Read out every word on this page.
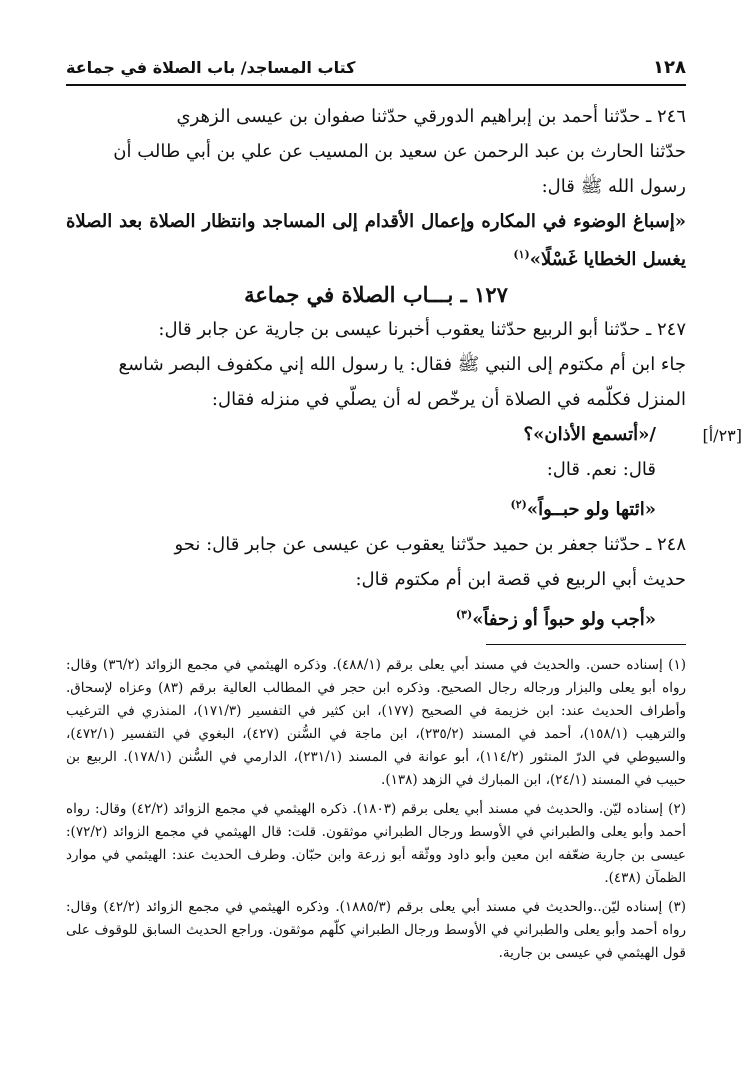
١٢٨
كتاب المساجد/ باب الصلاة في جماعة

٢٤٦ ـ حدّثنا أحمد بن إبراهيم الدورقي حدّثنا صفوان بن عيسى الزهري

حدّثنا الحارث بن عبد الرحمن عن سعيد بن المسيب عن علي بن أبي طالب أن

رسول الله ﷺ قال:

«إسباغ الوضوء في المكاره وإعمال الأقدام إلى المساجد وانتظار الصلاة بعد الصلاة يغسل الخطايا غَسْلًا»$^{(١)}$

١٢٧ ـ بـــاب الصلاة في جماعة

٢٤٧ ـ حدّثنا أبو الربيع حدّثنا يعقوب أخبرنا عيسى بن جارية عن جابر قال:

جاء ابن أم مكتوم إلى النبي ﷺ فقال: يا رسول الله إني مكفوف البصر شاسع

المنزل فكلّمه في الصلاة أن يرخّص له أن يصلّي في منزله فقال:

/«أتسمع الأذان»؟

قال: نعم. قال:

«ائتها ولو حبــواً»$^{(٢)}$

٢٤٨ ـ حدّثنا جعفر بن حميد حدّثنا يعقوب عن عيسى عن جابر قال: نحو

حديث أبي الربيع في قصة ابن أم مكتوم قال:

«أجب ولو حبواً أو زحفاً»$^{(٣)}$

[٢٣/أ]

(١) إسناده حسن. والحديث في مسند أبي يعلى برقم (٤٨٨/١). وذكره الهيثمي في مجمع الزوائد (٣٦/٢) وقال: رواه أبو يعلى والبزار ورجاله رجال الصحيح. وذكره ابن حجر في المطالب العالية برقم (٨٣) وعزاه لإسحاق. وأطراف الحديث عند: ابن خزيمة في الصحيح (١٧٧)، ابن كثير في التفسير (١٧١/٣)، المنذري في الترغيب والترهيب (١٥٨/١)، أحمد في المسند (٢٣٥/٢)، ابن ماجة في السُّنن (٤٢٧)، البغوي في التفسير (٤٧٢/١)، والسيوطي في الدرّ المنثور (١١٤/٢)، أبو عوانة في المسند (٢٣١/١)، الدارمي في السُّنن (١٧٨/١). الربيع بن حبيب في المسند (٢٤/١)، ابن المبارك في الزهد (١٣٨).

(٢) إسناده ليّن. والحديث في مسند أبي يعلى برقم (١٨٠٣). ذكره الهيثمي في مجمع الزوائد (٤٢/٢) وقال: رواه أحمد وأبو يعلى والطبراني في الأوسط ورجال الطبراني موثقون. قلت: قال الهيثمي في مجمع الزوائد (٧٢/٢): عيسى بن جارية ضعّفه ابن معين وأبو داود ووثّقه أبو زرعة وابن حبّان. وطرف الحديث عند: الهيثمي في موارد الظمآن (٤٣٨).

(٣) إسناده ليّن..والحديث في مسند أبي يعلى برقم (١٨٨٥/٣). وذكره الهيثمي في مجمع الزوائد (٤٢/٢) وقال: رواه أحمد وأبو يعلى والطبراني في الأوسط ورجال الطبراني كلّهم موثقون. وراجع الحديث السابق للوقوف على قول الهيثمي في عيسى بن جارية.
